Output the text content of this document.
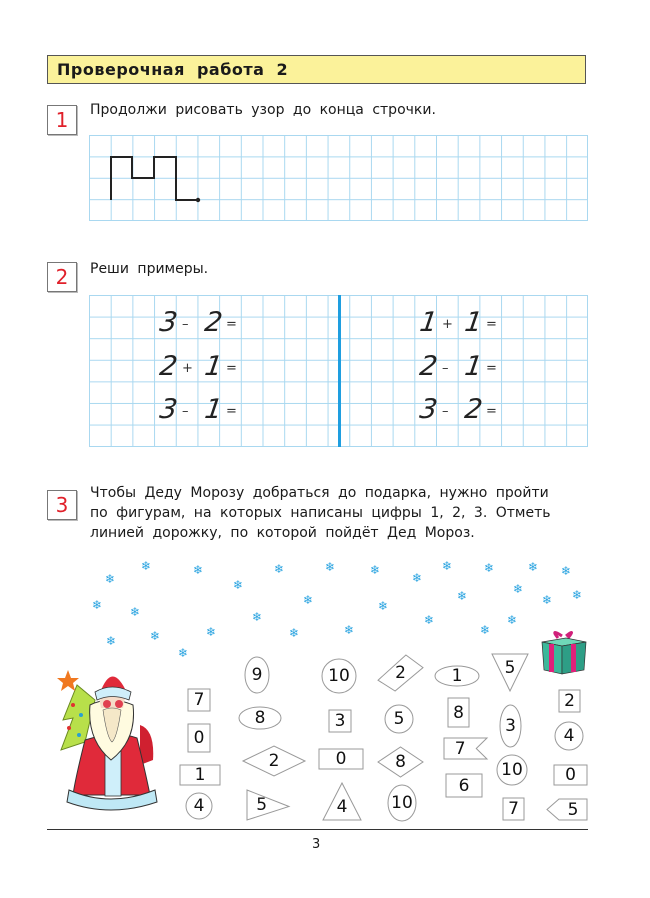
Проверочная работа 2
1	Продолжи рисовать узор до конца строчки.
2	Реши примеры.
3 – 2 =
2 + 1 =
3 – 1 =
1 + 1 =
2 – 1 =
3 – 2 =
3	Чтобы Деду Морозу добраться до подарка, нужно пройти
по фигурам, на которых написаны цифры 1, 2, 3. Отметь
линией дорожку, по которой пойдёт Дед Мороз.
❄
❄	❄
❄
❄	❄	❄
❄
❄	❄	❄ ❄
❄ ❄	❄
❄	❄
❄	❄
❄ ❄
❄	❄	❄
❄
❄	❄
❄
❄
❄
7
0
1
4
9
8
2
5
10
3
0
4
2
5
8
10
1
8
7
6
5
3
10
7
2
4
0
5
3
